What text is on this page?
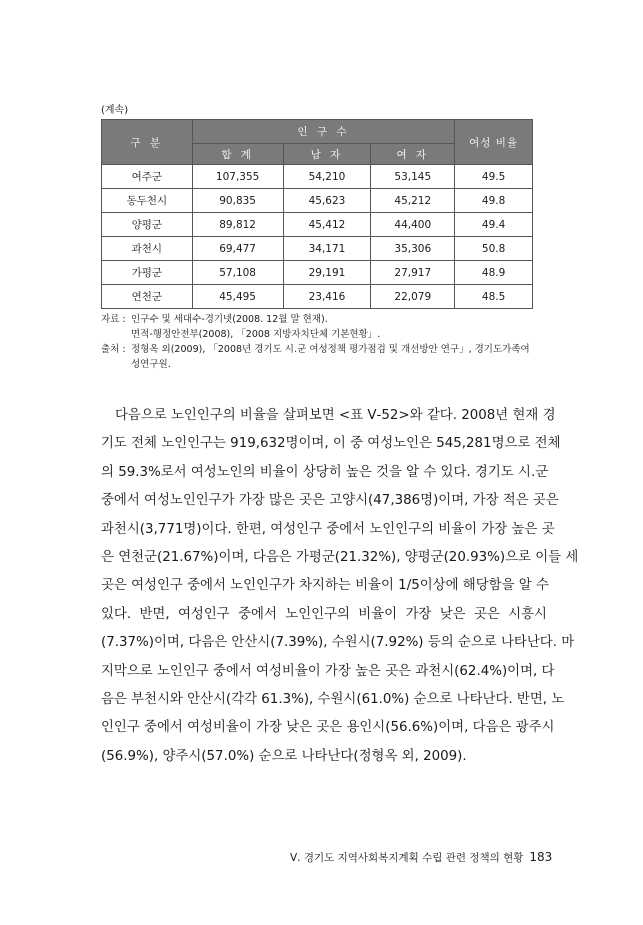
(계속)
구 분	인 구 수			여성 비율
	합 계	남 자	여 자	
여주군	107,355	54,210	53,145	49.5
동두천시	90,835	45,623	45,212	49.8
양평군	89,812	45,412	44,400	49.4
과천시	69,477	34,171	35,306	50.8
가평군	57,108	29,191	27,917	48.9
연천군	45,495	23,416	22,079	48.5
자료 : 인구수 및 세대수-경기넷(2008. 12월 말 현재).
면적-행정안전부(2008), 「2008 지방자치단체 기본현황」.
출처 : 정형옥 외(2009), 「2008년 경기도 시․군 여성정책 평가점검 및 개선방안 연구」, 경기도가족여
성연구원.
다음으로 노인인구의 비율을 살펴보면 <표 Ⅴ-52>와 같다. 2008년 현재 경
기도 전체 노인인구는 919,632명이며, 이 중 여성노인은 545,281명으로 전체
의 59.3%로서 여성노인의 비율이 상당히 높은 것을 알 수 있다. 경기도 시․군
중에서 여성노인인구가 가장 많은 곳은 고양시(47,386명)이며, 가장 적은 곳은
과천시(3,771명)이다. 한편, 여성인구 중에서 노인인구의 비율이 가장 높은 곳
은 연천군(21.67%)이며, 다음은 가평군(21.32%), 양평군(20.93%)으로 이들 세
곳은 여성인구 중에서 노인인구가 차지하는 비율이 1/5이상에 해당함을 알 수
있다. 반면, 여성인구 중에서 노인인구의 비율이 가장 낮은 곳은 시흥시
(7.37%)이며, 다음은 안산시(7.39%), 수원시(7.92%) 등의 순으로 나타난다. 마
지막으로 노인인구 중에서 여성비율이 가장 높은 곳은 과천시(62.4%)이며, 다
음은 부천시와 안산시(각각 61.3%), 수원시(61.0%) 순으로 나타난다. 반면, 노
인인구 중에서 여성비율이 가장 낮은 곳은 용인시(56.6%)이며, 다음은 광주시
(56.9%), 양주시(57.0%) 순으로 나타난다(정형옥 외, 2009).
Ⅴ. 경기도 지역사회복지계획 수립 관련 정책의 현황 183
